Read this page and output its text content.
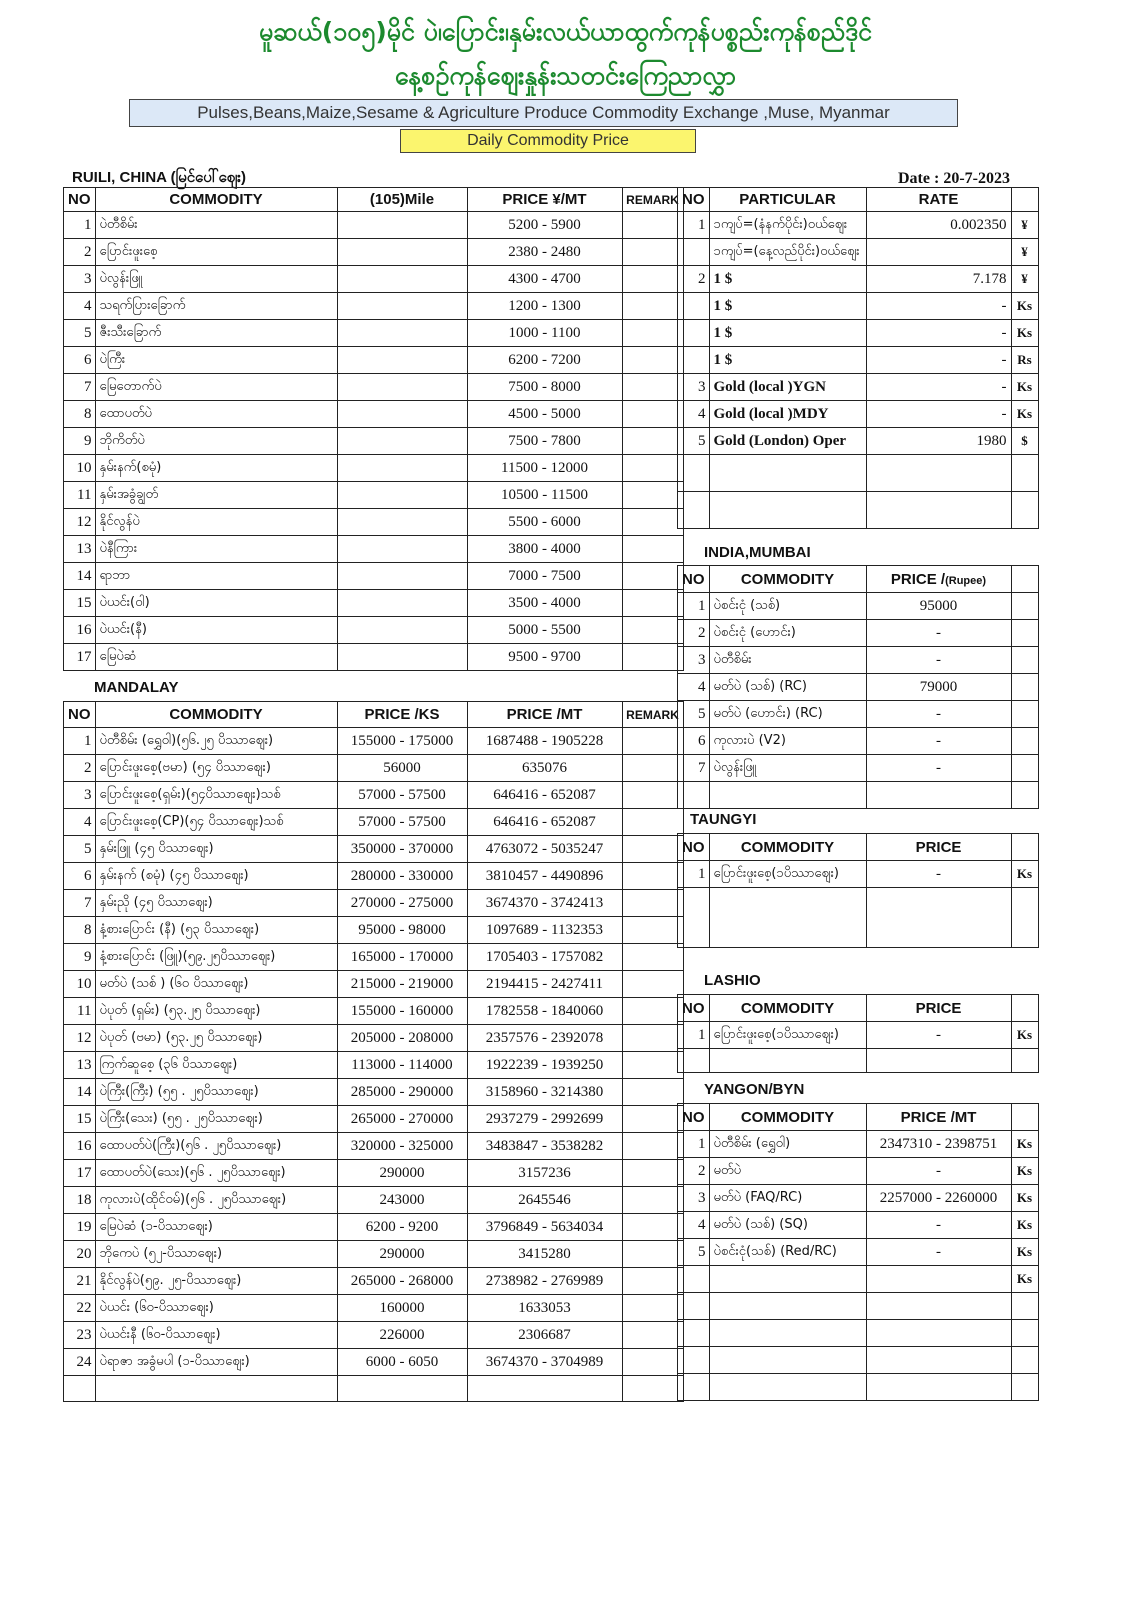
မူဆယ်(၁၀၅)မိုင် ပဲ၊ပြောင်း၊နှမ်းလယ်ယာထွက်ကုန်ပစ္စည်းကုန်စည်ဒိုင်
နေ့စဉ်ကုန်ဈေးနှုန်းသတင်းကြေညာလွှာ
Pulses,Beans,Maize,Sesame & Agriculture Produce Commodity Exchange ,Muse, Myanmar
Daily Commodity Price
RUILI, CHINA (မြင်ပေါ်ဈေး)	Date : 20-7-2023
NO	COMMODITY	(105)Mile	PRICE ¥/MT	REMARK
1	ပဲတီစိမ်း		5200 - 5900	
2	ပြောင်းဖူးစေ့		2380 - 2480	
3	ပဲလွန်းဖြူ		4300 - 4700	
4	သရက်ပြားခြောက်		1200 - 1300	
5	ဇီးသီးခြောက်		1000 - 1100	
6	ပဲကြီး		6200 - 7200	
7	မြေတောက်ပဲ		7500 - 8000	
8	ထောပတ်ပဲ		4500 - 5000	
9	ဘိုကိတ်ပဲ		7500 - 7800	
10	နှမ်းနက်(စမုံ)		11500 - 12000	
11	နှမ်းအခွံချွတ်		10500 - 11500	
12	နိုင်လွန်ပဲ		5500 - 6000	
13	ပဲနီကြား		3800 - 4000	
14	ရာဘာ		7000 - 7500	
15	ပဲယင်း(ဝါ)		3500 - 4000	
16	ပဲယင်း(နီ)		5000 - 5500	
17	မြေပဲဆံ		9500 - 9700	
NO	PARTICULAR	RATE	
1	၁ကျပ်=(နံနက်ပိုင်း)ဝယ်ဈေး	0.002350	¥
	၁ကျပ်=(နေ့လည်ပိုင်း)ဝယ်ဈေး		¥
2	1 $	7.178	¥
	1 $	-	Ks
	1 $	-	Ks
	1 $	-	Rs
3	Gold (local )YGN	-	Ks
4	Gold (local )MDY	-	Ks
5	Gold (London) Oper	1980	$

MANDALAY
NO	COMMODITY	PRICE /KS	PRICE /MT	REMARK
1	ပဲတီစိမ်း (ရွှေဝါ)(၅၆.၂၅ ပိဿာဈေး)	155000 - 175000	1687488 - 1905228	
2	ပြောင်းဖူးစေ့(ဗမာ) (၅၄ ပိဿာဈေး)	56000	635076	
3	ပြောင်းဖူးစေ့(ရှမ်း)(၅၄ပိဿာဈေး)သစ်	57000 - 57500	646416 - 652087	
4	ပြောင်းဖူးစေ့(CP)(၅၄ ပိဿာဈေး)သစ်	57000 - 57500	646416 - 652087	
5	နှမ်းဖြူ (၄၅ ပိဿာဈေး)	350000 - 370000	4763072 - 5035247	
6	နှမ်းနက် (စမုံ) (၄၅ ပိဿာဈေး)	280000 - 330000	3810457 - 4490896	
7	နှမ်းညို (၄၅ ပိဿာဈေး)	270000 - 275000	3674370 - 3742413	
8	နံ့စားပြောင်း (နီ) (၅၃ ပိဿာဈေး)	95000 - 98000	1097689 - 1132353	
9	နံ့စားပြောင်း (ဖြူ)(၅၉.၂၅ပိဿာဈေး)	165000 - 170000	1705403 - 1757082	
10	မတ်ပဲ (သစ် ) (၆၀ ပိဿာဈေး)	215000 - 219000	2194415 - 2427411	
11	ပဲပုတ် (ရှမ်း) (၅၃.၂၅ ပိဿာဈေး)	155000 - 160000	1782558 - 1840060	
12	ပဲပုတ် (ဗမာ) (၅၃.၂၅ ပိဿာဈေး)	205000 - 208000	2357576 - 2392078	
13	ကြက်ဆူစေ့ (၃၆ ပိဿာဈေး)	113000 - 114000	1922239 - 1939250	
14	ပဲကြီး(ကြီး) (၅၅ . ၂၅ပိဿာဈေး)	285000 - 290000	3158960 - 3214380	
15	ပဲကြီး(သေး) (၅၅ . ၂၅ပိဿာဈေး)	265000 - 270000	2937279 - 2992699	
16	ထောပတ်ပဲ(ကြီး)(၅၆ . ၂၅ပိဿာဈေး)	320000 - 325000	3483847 - 3538282	
17	ထောပတ်ပဲ(သေး)(၅၆ . ၂၅ပိဿာဈေး)	290000	3157236	
18	ကုလားပဲ(ထိုင်ဝမ်)(၅၆ . ၂၅ပိဿာဈေး)	243000	2645546	
19	မြေပဲဆံ (၁-ပိဿာဈေး)	6200 - 9200	3796849 - 5634034	
20	ဘိုကေပဲ (၅၂-ပိဿာဈေး)	290000	3415280	
21	နိုင်လွန်ပဲ(၅၉. ၂၅-ပိဿာဈေး)	265000 - 268000	2738982 - 2769989	
22	ပဲယင်း (၆၀-ပိဿာဈေး)	160000	1633053	
23	ပဲယင်းနီ (၆၀-ပိဿာဈေး)	226000	2306687	
24	ပဲရာဇာ အခွံမပါ (၁-ပိဿာဈေး)	6000 - 6050	3674370 - 3704989	

INDIA,MUMBAI
NO	COMMODITY	PRICE /(Rupee)	
1	ပဲစင်းငုံ (သစ်)	95000	
2	ပဲစင်းငုံ (ဟောင်း)	-	
3	ပဲတီစိမ်း	-	
4	မတ်ပဲ (သစ်) (RC)	79000	
5	မတ်ပဲ (ဟောင်း) (RC)	-	
6	ကုလားပဲ (V2)	-	
7	ပဲလွန်းဖြူ	-	

TAUNGYI
NO	COMMODITY	PRICE	
1	ပြောင်းဖူးစေ့(၁ပိဿာဈေး)	-	Ks

LASHIO
NO	COMMODITY	PRICE	
1	ပြောင်းဖူးစေ့(၁ပိဿာဈေး)	-	Ks

YANGON/BYN
NO	COMMODITY	PRICE /MT	
1	ပဲတီစိမ်း (ရွှေဝါ)	2347310 - 2398751	Ks
2	မတ်ပဲ	-	Ks
3	မတ်ပဲ (FAQ/RC)	2257000 - 2260000	Ks
4	မတ်ပဲ (သစ်) (SQ)	-	Ks
5	ပဲစင်းငုံ(သစ်) (Red/RC)	-	Ks
			Ks
